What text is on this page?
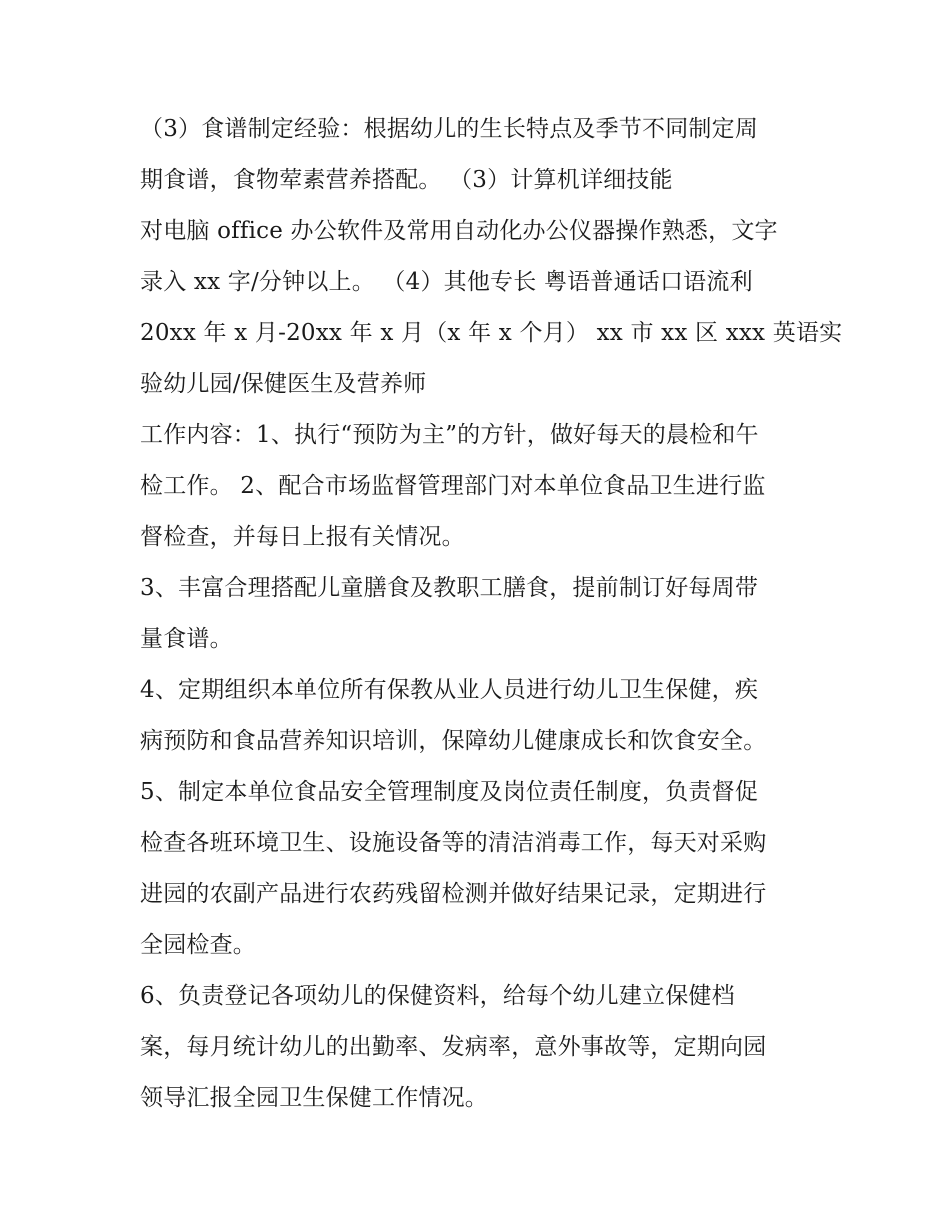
（3）食谱制定经验：根据幼儿的生长特点及季节不同制定周
期食谱，食物荤素营养搭配。 （3）计算机详细技能
对电脑 office 办公软件及常用自动化办公仪器操作熟悉，文字
录入 xx 字/分钟以上。 （4）其他专长 粤语普通话口语流利
20xx 年 x 月-20xx 年 x 月（x 年 x 个月） xx 市 xx 区 xxx 英语实
验幼儿园/保健医生及营养师
工作内容：1、执行“预防为主”的方针，做好每天的晨检和午
检工作。 2、配合市场监督管理部门对本单位食品卫生进行监
督检查，并每日上报有关情况。
3、丰富合理搭配儿童膳食及教职工膳食，提前制订好每周带
量食谱。
4、定期组织本单位所有保教从业人员进行幼儿卫生保健，疾
病预防和食品营养知识培训，保障幼儿健康成长和饮食安全。
5、制定本单位食品安全管理制度及岗位责任制度，负责督促
检查各班环境卫生、设施设备等的清洁消毒工作，每天对采购
进园的农副产品进行农药残留检测并做好结果记录，定期进行
全园检查。
6、负责登记各项幼儿的保健资料，给每个幼儿建立保健档
案，每月统计幼儿的出勤率、发病率，意外事故等，定期向园
领导汇报全园卫生保健工作情况。
